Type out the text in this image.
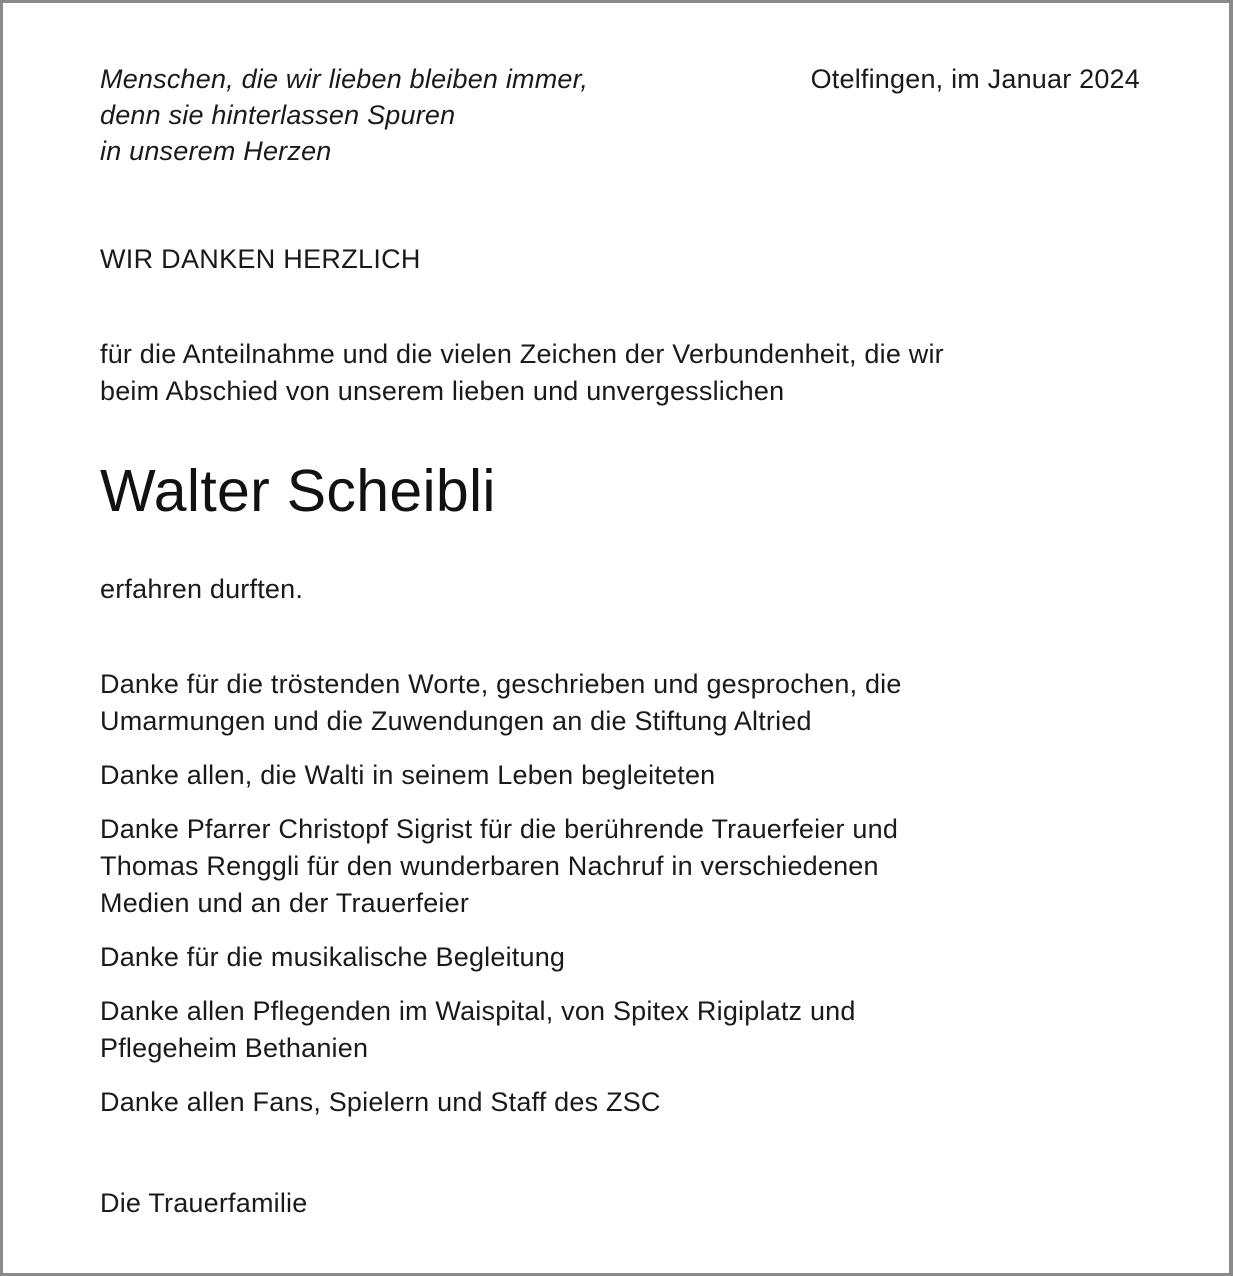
Menschen, die wir lieben bleiben immer,
denn sie hinterlassen Spuren
in unserem Herzen
Otelfingen, im Januar 2024
WIR DANKEN HERZLICH
für die Anteilnahme und die vielen Zeichen der Verbundenheit, die wir
beim Abschied von unserem lieben und unvergesslichen
Walter Scheibli
erfahren durften.
Danke für die tröstenden Worte, geschrieben und gesprochen, die
Umarmungen und die Zuwendungen an die Stiftung Altried
Danke allen, die Walti in seinem Leben begleiteten
Danke Pfarrer Christopf Sigrist für die berührende Trauerfeier und
Thomas Renggli für den wunderbaren Nachruf in verschiedenen
Medien und an der Trauerfeier
Danke für die musikalische Begleitung
Danke allen Pflegenden im Waispital, von Spitex Rigiplatz und
Pflegeheim Bethanien
Danke allen Fans, Spielern und Staff des ZSC
Die Trauerfamilie
